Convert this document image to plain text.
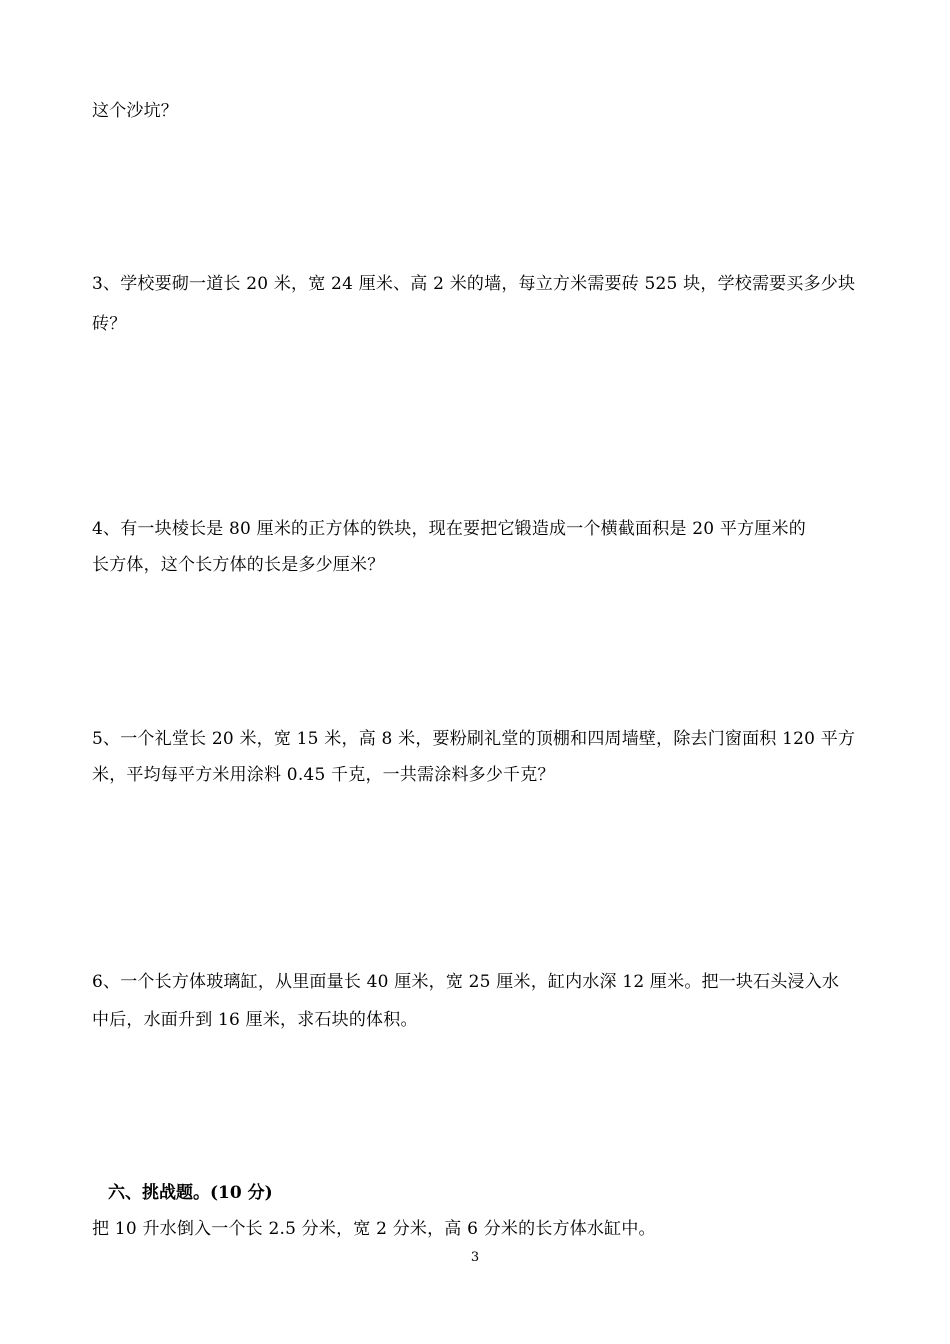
这个沙坑？
3、学校要砌一道长 20 米，宽 24 厘米、高 2 米的墙，每立方米需要砖 525 块，学校需要买多少块
砖？
4、有一块棱长是 80 厘米的正方体的铁块，现在要把它锻造成一个横截面积是 20 平方厘米的
长方体，这个长方体的长是多少厘米？
5、一个礼堂长 20 米，宽 15 米，高 8 米，要粉刷礼堂的顶棚和四周墙壁，除去门窗面积 120 平方
米，平均每平方米用涂料 0.45 千克，一共需涂料多少千克？
6、一个长方体玻璃缸，从里面量长 40 厘米，宽 25 厘米，缸内水深 12 厘米。把一块石头浸入水
中后，水面升到 16 厘米，求石块的体积。
六、挑战题。(10 分)
把 10 升水倒入一个长 2.5 分米，宽 2 分米，高 6 分米的长方体水缸中。
3
